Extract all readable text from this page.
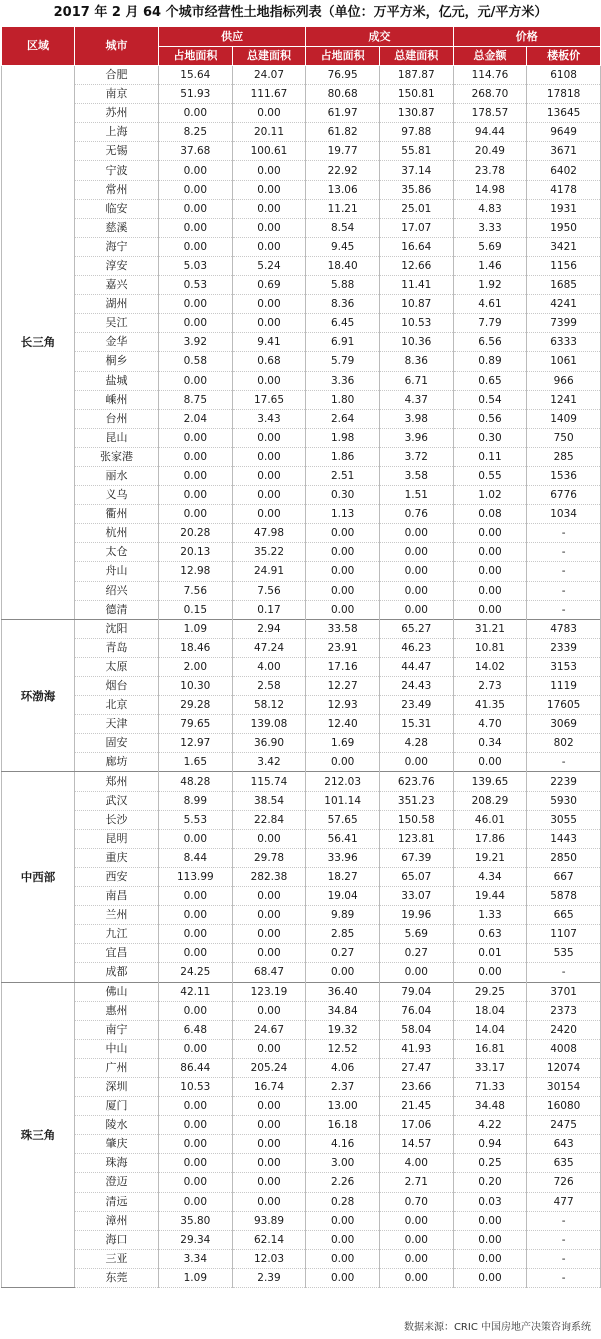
2017 年 2 月 64 个城市经营性土地指标列表（单位：万平方米，亿元，元/平方米）
区域	城市	供应		成交		价格	
		占地面积	总建面积	占地面积	总建面积	总金额	楼板价
长三角	合肥	15.64	24.07	76.95	187.87	114.76	6108
	南京	51.93	111.67	80.68	150.81	268.70	17818
	苏州	0.00	0.00	61.97	130.87	178.57	13645
	上海	8.25	20.11	61.82	97.88	94.44	9649
	无锡	37.68	100.61	19.77	55.81	20.49	3671
	宁波	0.00	0.00	22.92	37.14	23.78	6402
	常州	0.00	0.00	13.06	35.86	14.98	4178
	临安	0.00	0.00	11.21	25.01	4.83	1931
	慈溪	0.00	0.00	8.54	17.07	3.33	1950
	海宁	0.00	0.00	9.45	16.64	5.69	3421
	淳安	5.03	5.24	18.40	12.66	1.46	1156
	嘉兴	0.53	0.69	5.88	11.41	1.92	1685
	湖州	0.00	0.00	8.36	10.87	4.61	4241
	吴江	0.00	0.00	6.45	10.53	7.79	7399
	金华	3.92	9.41	6.91	10.36	6.56	6333
	桐乡	0.58	0.68	5.79	8.36	0.89	1061
	盐城	0.00	0.00	3.36	6.71	0.65	966
	嵊州	8.75	17.65	1.80	4.37	0.54	1241
	台州	2.04	3.43	2.64	3.98	0.56	1409
	昆山	0.00	0.00	1.98	3.96	0.30	750
	张家港	0.00	0.00	1.86	3.72	0.11	285
	丽水	0.00	0.00	2.51	3.58	0.55	1536
	义乌	0.00	0.00	0.30	1.51	1.02	6776
	衢州	0.00	0.00	1.13	0.76	0.08	1034
	杭州	20.28	47.98	0.00	0.00	0.00	-
	太仓	20.13	35.22	0.00	0.00	0.00	-
	舟山	12.98	24.91	0.00	0.00	0.00	-
	绍兴	7.56	7.56	0.00	0.00	0.00	-
	德清	0.15	0.17	0.00	0.00	0.00	-
环渤海	沈阳	1.09	2.94	33.58	65.27	31.21	4783
	青岛	18.46	47.24	23.91	46.23	10.81	2339
	太原	2.00	4.00	17.16	44.47	14.02	3153
	烟台	10.30	2.58	12.27	24.43	2.73	1119
	北京	29.28	58.12	12.93	23.49	41.35	17605
	天津	79.65	139.08	12.40	15.31	4.70	3069
	固安	12.97	36.90	1.69	4.28	0.34	802
	廊坊	1.65	3.42	0.00	0.00	0.00	-
中西部	郑州	48.28	115.74	212.03	623.76	139.65	2239
	武汉	8.99	38.54	101.14	351.23	208.29	5930
	长沙	5.53	22.84	57.65	150.58	46.01	3055
	昆明	0.00	0.00	56.41	123.81	17.86	1443
	重庆	8.44	29.78	33.96	67.39	19.21	2850
	西安	113.99	282.38	18.27	65.07	4.34	667
	南昌	0.00	0.00	19.04	33.07	19.44	5878
	兰州	0.00	0.00	9.89	19.96	1.33	665
	九江	0.00	0.00	2.85	5.69	0.63	1107
	宜昌	0.00	0.00	0.27	0.27	0.01	535
	成都	24.25	68.47	0.00	0.00	0.00	-
珠三角	佛山	42.11	123.19	36.40	79.04	29.25	3701
	惠州	0.00	0.00	34.84	76.04	18.04	2373
	南宁	6.48	24.67	19.32	58.04	14.04	2420
	中山	0.00	0.00	12.52	41.93	16.81	4008
	广州	86.44	205.24	4.06	27.47	33.17	12074
	深圳	10.53	16.74	2.37	23.66	71.33	30154
	厦门	0.00	0.00	13.00	21.45	34.48	16080
	陵水	0.00	0.00	16.18	17.06	4.22	2475
	肇庆	0.00	0.00	4.16	14.57	0.94	643
	珠海	0.00	0.00	3.00	4.00	0.25	635
	澄迈	0.00	0.00	2.26	2.71	0.20	726
	清远	0.00	0.00	0.28	0.70	0.03	477
	漳州	35.80	93.89	0.00	0.00	0.00	-
	海口	29.34	62.14	0.00	0.00	0.00	-
	三亚	3.34	12.03	0.00	0.00	0.00	-
	东莞	1.09	2.39	0.00	0.00	0.00	-
数据来源：CRIC 中国房地产决策咨询系统
